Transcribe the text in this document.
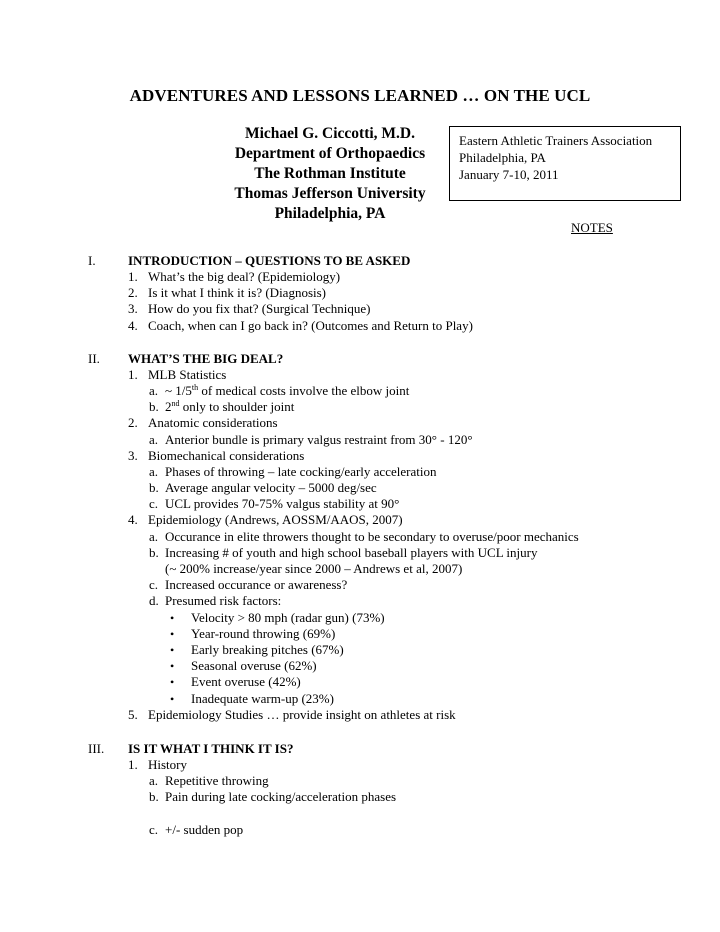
ADVENTURES AND LESSONS LEARNED … ON THE UCL
Michael G. Ciccotti, M.D.
Department of Orthopaedics
The Rothman Institute
Thomas Jefferson University
Philadelphia, PA
Eastern Athletic Trainers Association
Philadelphia, PA
January 7-10, 2011
NOTES
I. INTRODUCTION – QUESTIONS TO BE ASKED
1. What’s the big deal? (Epidemiology)
2. Is it what I think it is? (Diagnosis)
3. How do you fix that? (Surgical Technique)
4. Coach, when can I go back in? (Outcomes and Return to Play)
II. WHAT’S THE BIG DEAL?
1. MLB Statistics
a. ~ 1/5th of medical costs involve the elbow joint
b. 2nd only to shoulder joint
2. Anatomic considerations
a. Anterior bundle is primary valgus restraint from 30° - 120°
3. Biomechanical considerations
a. Phases of throwing – late cocking/early acceleration
b. Average angular velocity – 5000 deg/sec
c. UCL provides 70-75% valgus stability at 90°
4. Epidemiology (Andrews, AOSSM/AAOS, 2007)
a. Occurance in elite throwers thought to be secondary to overuse/poor mechanics
b. Increasing # of youth and high school baseball players with UCL injury
(~ 200% increase/year since 2000 – Andrews et al, 2007)
c. Increased occurance or awareness?
d. Presumed risk factors:
• Velocity > 80 mph (radar gun) (73%)
• Year-round throwing (69%)
• Early breaking pitches (67%)
• Seasonal overuse (62%)
• Event overuse (42%)
• Inadequate warm-up (23%)
5. Epidemiology Studies … provide insight on athletes at risk
III. IS IT WHAT I THINK IT IS?
1. History
a. Repetitive throwing
b. Pain during late cocking/acceleration phases
c. +/- sudden pop
